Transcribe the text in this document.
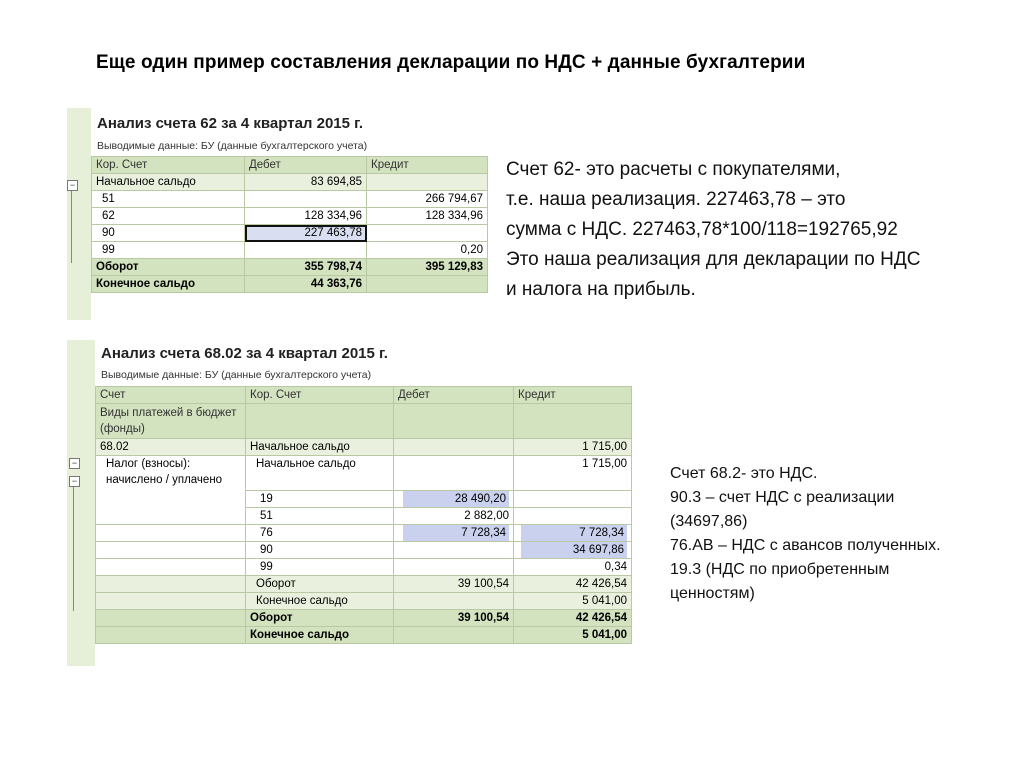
Еще один пример составления декларации по НДС + данные бухгалтерии
Анализ счета 62 за 4 квартал 2015 г.
Выводимые данные: БУ (данные бухгалтерского учета)
−
Кор. Счет	Дебет	Кредит
Начальное сальдо	83 694,85	
51		266 794,67
62	128 334,96	128 334,96
90	227 463,78	
99		0,20
Оборот	355 798,74	395 129,83
Конечное сальдо	44 363,76	
Счет 62- это расчеты с покупателями,
т.е. наша реализация. 227463,78 – это
сумма с НДС. 227463,78*100/118=192765,92
Это наша реализация для декларации по НДС
и налога на прибыль.
Анализ счета 68.02 за 4 квартал 2015 г.
Выводимые данные: БУ (данные бухгалтерского учета)
−
−
Счет	Кор. Счет	Дебет	Кредит
Виды платежей в бюджет (фонды)			
68.02	Начальное сальдо		1 715,00
Налог (взносы): начислено / уплачено	Начальное сальдо		1 715,00
	19	28 490,20	
	51	2 882,00	
	76	7 728,34	7 728,34
	90		34 697,86
	99		0,34
	Оборот	39 100,54	42 426,54
	Конечное сальдо		5 041,00
	Оборот	39 100,54	42 426,54
	Конечное сальдо		5 041,00
Счет 68.2- это НДС.
90.3 – счет НДС с реализации
(34697,86)
76.АВ – НДС с авансов полученных.
19.3 (НДС по приобретенным
ценностям)
